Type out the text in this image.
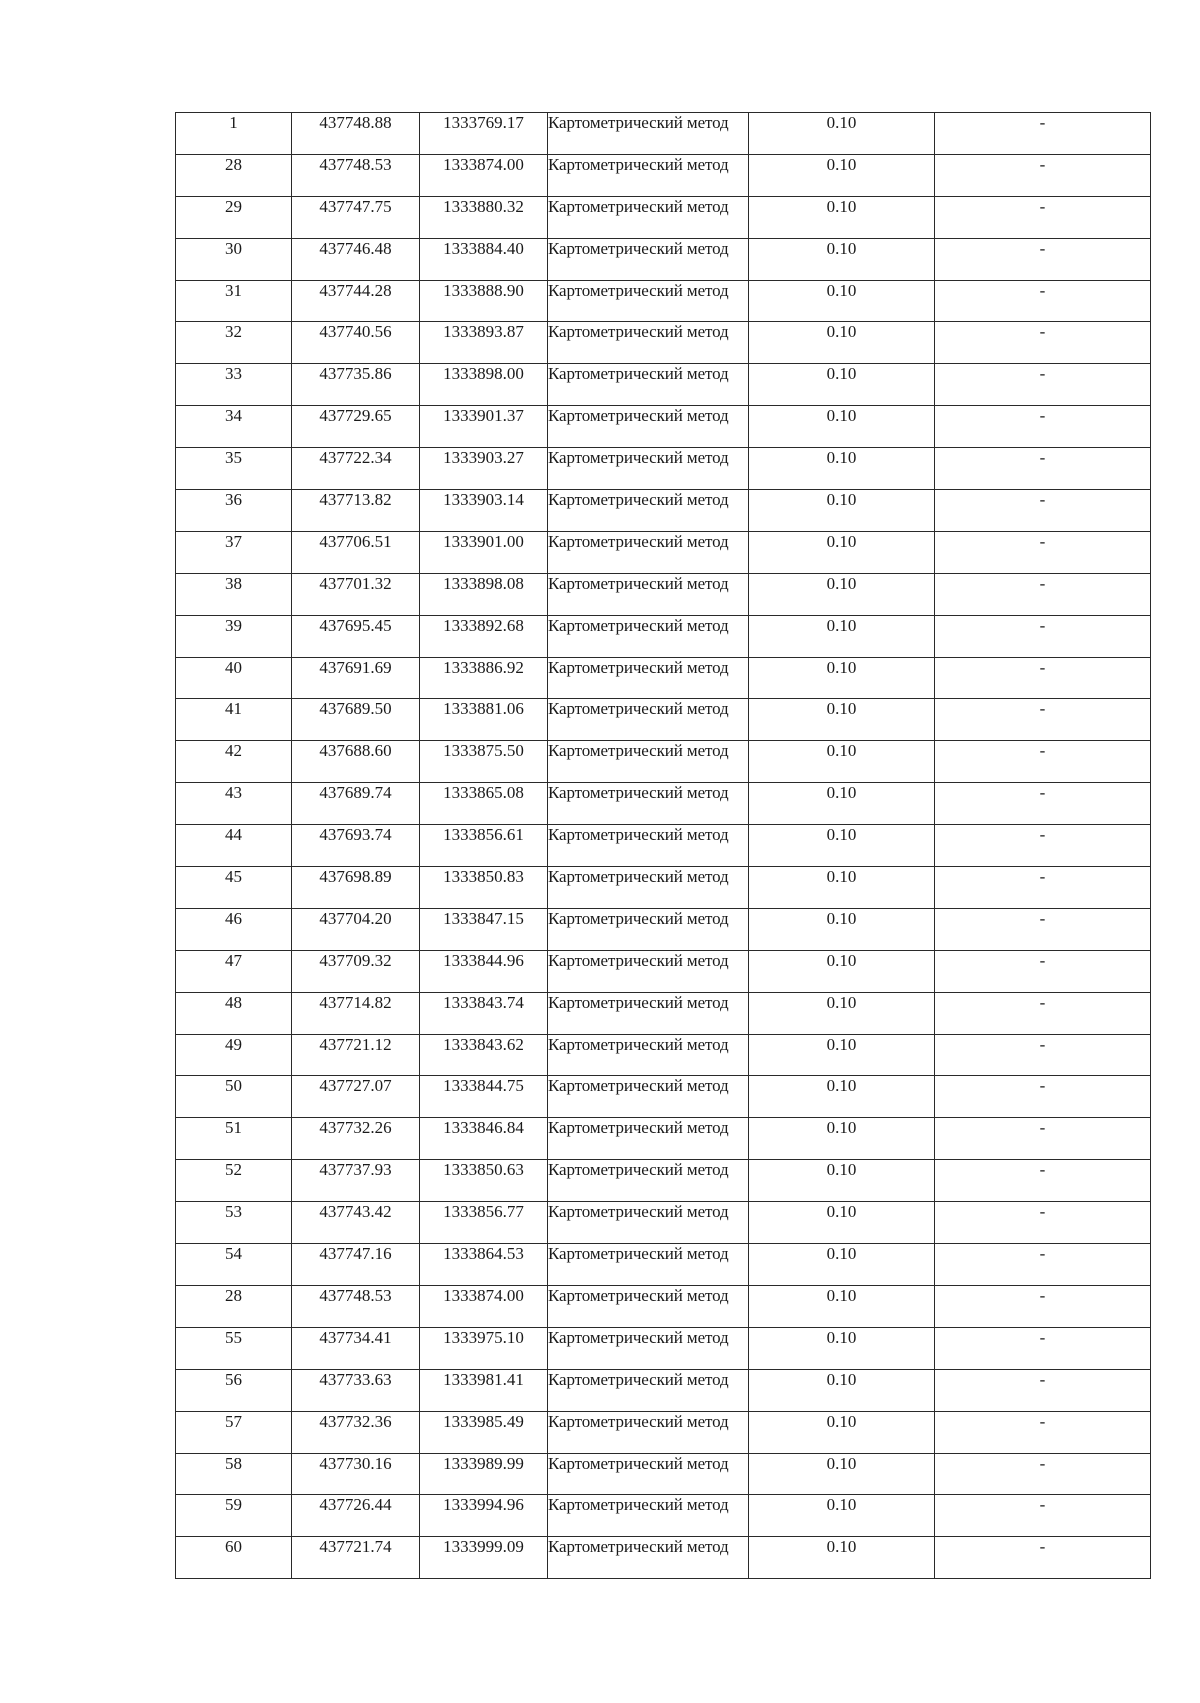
1	437748.88	1333769.17	Картометрический метод	0.10	-
28	437748.53	1333874.00	Картометрический метод	0.10	-
29	437747.75	1333880.32	Картометрический метод	0.10	-
30	437746.48	1333884.40	Картометрический метод	0.10	-
31	437744.28	1333888.90	Картометрический метод	0.10	-
32	437740.56	1333893.87	Картометрический метод	0.10	-
33	437735.86	1333898.00	Картометрический метод	0.10	-
34	437729.65	1333901.37	Картометрический метод	0.10	-
35	437722.34	1333903.27	Картометрический метод	0.10	-
36	437713.82	1333903.14	Картометрический метод	0.10	-
37	437706.51	1333901.00	Картометрический метод	0.10	-
38	437701.32	1333898.08	Картометрический метод	0.10	-
39	437695.45	1333892.68	Картометрический метод	0.10	-
40	437691.69	1333886.92	Картометрический метод	0.10	-
41	437689.50	1333881.06	Картометрический метод	0.10	-
42	437688.60	1333875.50	Картометрический метод	0.10	-
43	437689.74	1333865.08	Картометрический метод	0.10	-
44	437693.74	1333856.61	Картометрический метод	0.10	-
45	437698.89	1333850.83	Картометрический метод	0.10	-
46	437704.20	1333847.15	Картометрический метод	0.10	-
47	437709.32	1333844.96	Картометрический метод	0.10	-
48	437714.82	1333843.74	Картометрический метод	0.10	-
49	437721.12	1333843.62	Картометрический метод	0.10	-
50	437727.07	1333844.75	Картометрический метод	0.10	-
51	437732.26	1333846.84	Картометрический метод	0.10	-
52	437737.93	1333850.63	Картометрический метод	0.10	-
53	437743.42	1333856.77	Картометрический метод	0.10	-
54	437747.16	1333864.53	Картометрический метод	0.10	-
28	437748.53	1333874.00	Картометрический метод	0.10	-
55	437734.41	1333975.10	Картометрический метод	0.10	-
56	437733.63	1333981.41	Картометрический метод	0.10	-
57	437732.36	1333985.49	Картометрический метод	0.10	-
58	437730.16	1333989.99	Картометрический метод	0.10	-
59	437726.44	1333994.96	Картометрический метод	0.10	-
60	437721.74	1333999.09	Картометрический метод	0.10	-
